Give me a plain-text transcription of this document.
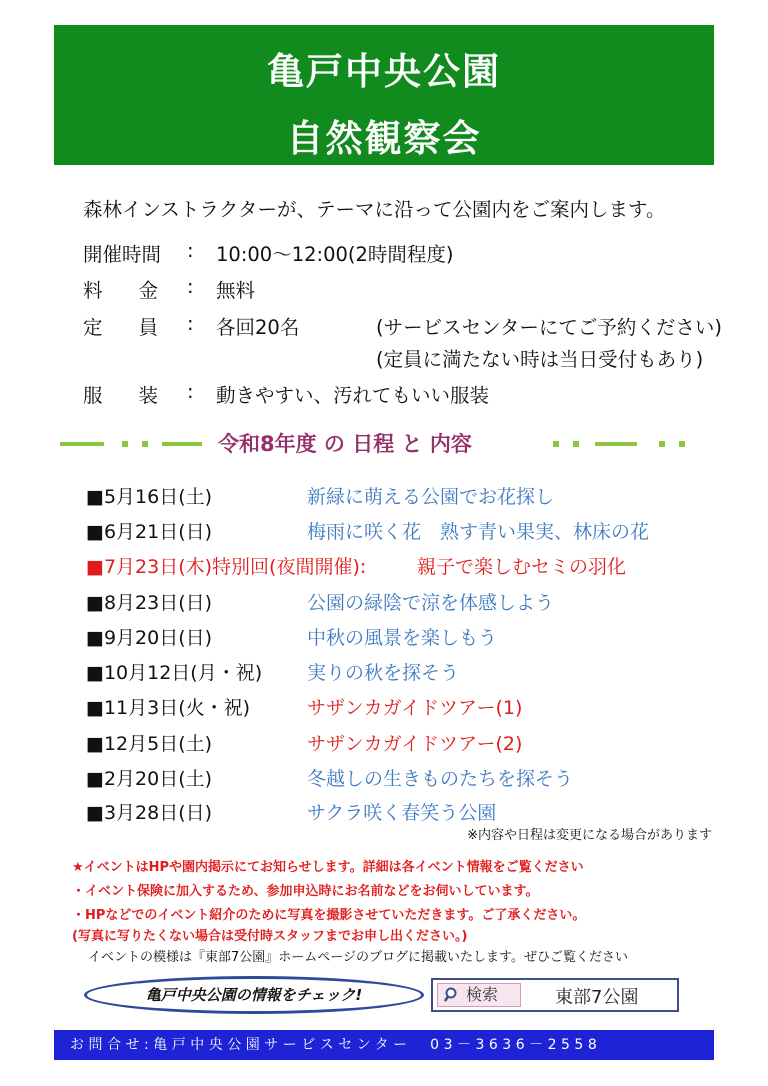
亀戸中央公園
自然観察会
森林インストラクターが、テーマに沿って公園内をご案内します。
開催時間	: 10:00～12:00(2時間程度)
料 金 : 無料
定 員 : 各回20名	(サービスセンターにてご予約ください)
(定員に満たない時は当日受付もあり)
服 装 : 動きやすい、汚れてもいい服装
令和8年度 の 日程 と 内容
■5月16日(土)	新緑に萌える公園でお花探し
■6月21日(日)	梅雨に咲く花　熟す青い果実、林床の花
■7月23日(木)特別回(夜間開催):	親子で楽しむセミの羽化
■8月23日(日)	公園の緑陰で涼を体感しよう
■9月20日(日)	中秋の風景を楽しもう
■10月12日(月・祝) 実りの秋を探そう
■11月3日(火・祝)	サザンカガイドツアー(1)
■12月5日(土)	サザンカガイドツアー(2)
■2月20日(土)	冬越しの生きものたちを探そう
■3月28日(日)	サクラ咲く春笑う公園
※内容や日程は変更になる場合があります
★イベントはHPや園内掲示にてお知らせします。詳細は各イベント情報をご覧ください
・イベント保険に加入するため、参加申込時にお名前などをお伺いしています。
・HPなどでのイベント紹介のために写真を撮影させていただきます。ご了承ください。
(写真に写りたくない場合は受付時スタッフまでお申し出ください。)
イベントの模様は『東部7公園』ホームページのブログに掲載いたします。ぜひご覧ください
亀戸中央公園の情報をチェック!	検索	東部7公園
お問合せ:亀戸中央公園サービスセンター　03－3636－2558
